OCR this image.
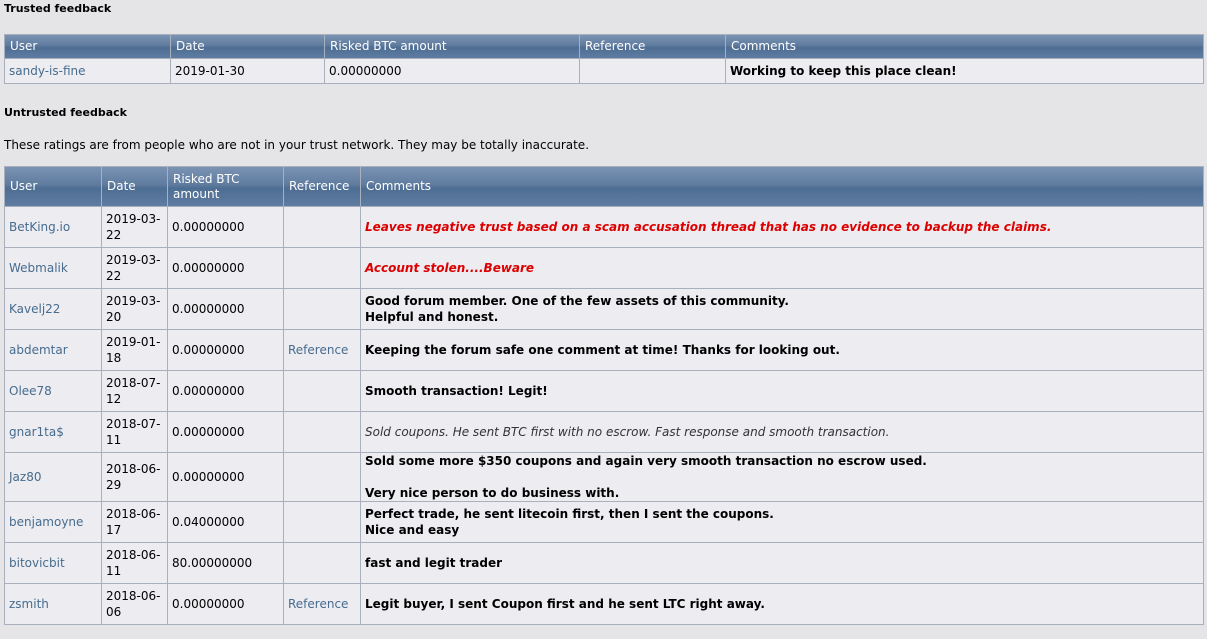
Trusted feedback
User	Date	Risked BTC amount	Reference	Comments
sandy-is-fine	2019-01-30	0.00000000		Working to keep this place clean!
Untrusted feedback

These ratings are from people who are not in your trust network. They may be totally inaccurate.

User	Date	Risked BTC amount	Reference	Comments
BetKing.io	2019-03-22	0.00000000		Leaves negative trust based on a scam accusation thread that has no evidence to backup the claims.

Webmalik	2019-03-22	0.00000000		Account stolen....Beware

Kavelj22	2019-03-20	0.00000000		Good forum member. One of the few assets of this community.
Helpful and honest.

abdemtar	2019-01-18	0.00000000	Reference	Keeping the forum safe one comment at time! Thanks for looking out.

Olee78	2018-07-12	0.00000000		Smooth transaction! Legit!

gnar1ta$	2018-07-11	0.00000000		Sold coupons. He sent BTC first with no escrow. Fast response and smooth transaction.

Jaz80	2018-06-29	0.00000000		Sold some more $350 coupons and again very smooth transaction no escrow used.
Very nice person to do business with.

benjamoyne	2018-06-17	0.04000000		Perfect trade, he sent litecoin first, then I sent the coupons.
Nice and easy

bitovicbit	2018-06-11	80.00000000		fast and legit trader

zsmith	2018-06-06	0.00000000	Reference	Legit buyer, I sent Coupon first and he sent LTC right away.
